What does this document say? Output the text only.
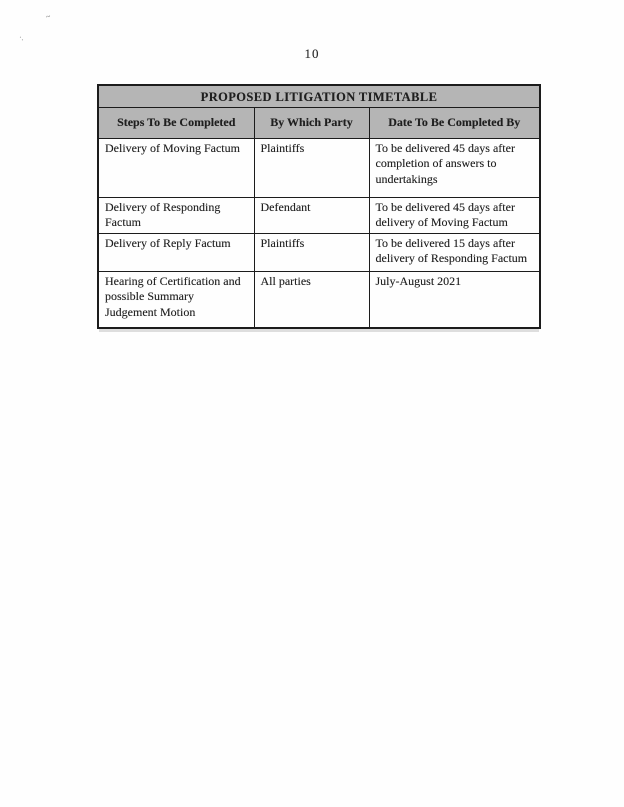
10
~
·.
PROPOSED LITIGATION TIMETABLE		
Steps To Be Completed	By Which Party	Date To Be Completed By
Delivery of Moving Factum	Plaintiffs	To be delivered 45 days after completion of answers to undertakings
Delivery of Responding Factum	Defendant	To be delivered 45 days after delivery of Moving Factum
Delivery of Reply Factum	Plaintiffs	To be delivered 15 days after delivery of Responding Factum
Hearing of Certification and possible Summary Judgement Motion	All parties	July-August 2021
